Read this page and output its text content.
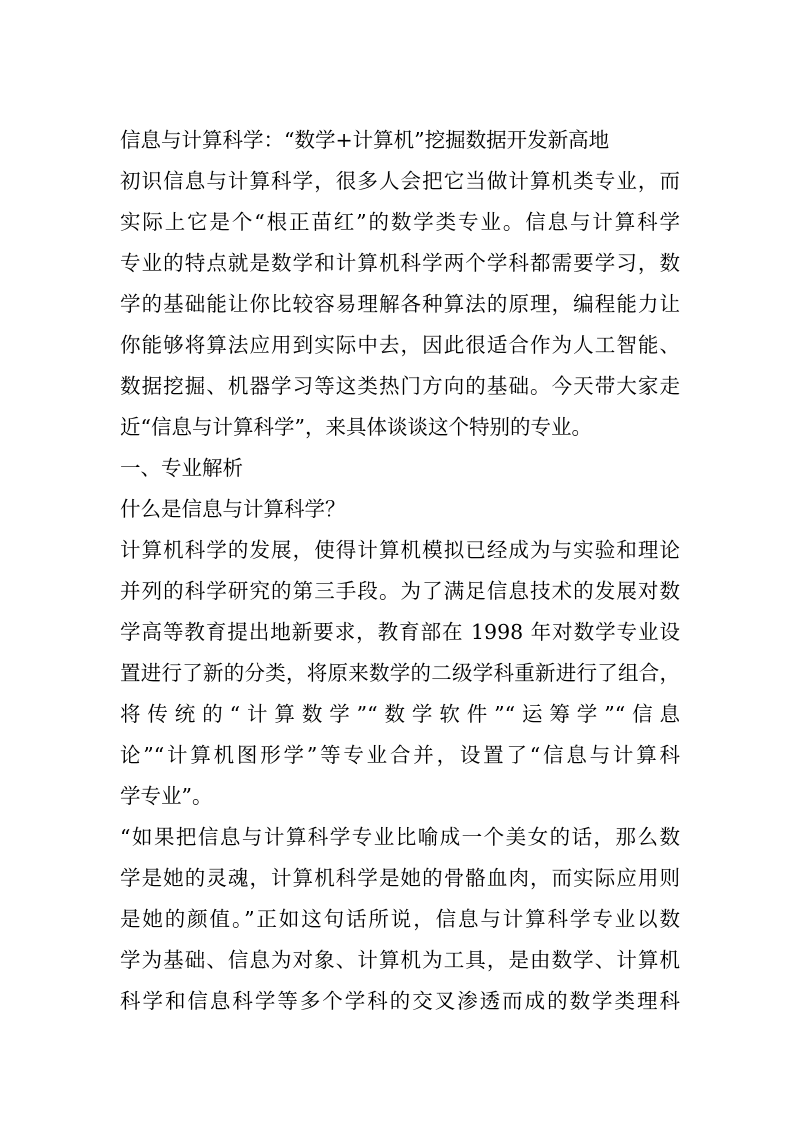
信息与计算科学：“数学+计算机”挖掘数据开发新高地
初识信息与计算科学，很多人会把它当做计算机类专业，而
实际上它是个“根正苗红”的数学类专业。信息与计算科学
专业的特点就是数学和计算机科学两个学科都需要学习，数
学的基础能让你比较容易理解各种算法的原理，编程能力让
你能够将算法应用到实际中去，因此很适合作为人工智能、
数据挖掘、机器学习等这类热门方向的基础。今天带大家走
近“信息与计算科学”，来具体谈谈这个特别的专业。
一、专业解析
什么是信息与计算科学？
计算机科学的发展，使得计算机模拟已经成为与实验和理论
并列的科学研究的第三手段。为了满足信息技术的发展对数
学高等教育提出地新要求，教育部在 1998 年对数学专业设
置进行了新的分类，将原来数学的二级学科重新进行了组合，
将传统的“计算数学”“数学软件”“运筹学”“信息
论”“计算机图形学”等专业合并，设置了“信息与计算科
学专业”。
“如果把信息与计算科学专业比喻成一个美女的话，那么数
学是她的灵魂，计算机科学是她的骨骼血肉，而实际应用则
是她的颜值。”正如这句话所说，信息与计算科学专业以数
学为基础、信息为对象、计算机为工具，是由数学、计算机
科学和信息科学等多个学科的交叉渗透而成的数学类理科
